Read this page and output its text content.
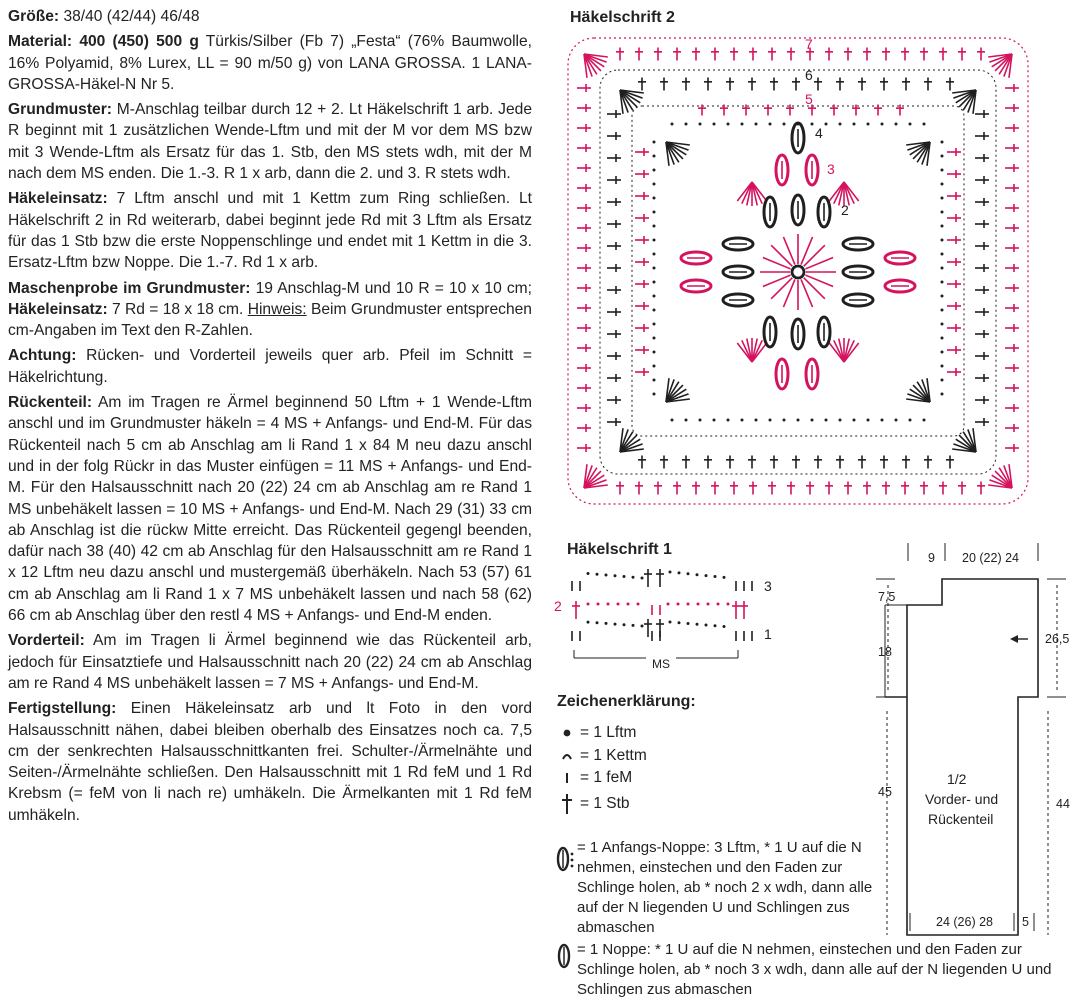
Größe: 38/40 (42/44) 46/48

Material: 400 (450) 500 g Türkis/Silber (Fb 7) „Festa“ (76% Baumwolle, 16% Polyamid, 8% Lurex, LL = 90 m/50 g) von LANA GROSSA. 1 LANA-GROSSA-Häkel-N Nr 5.

Grundmuster: M-Anschlag teilbar durch 12 + 2. Lt Häkelschrift 1 arb. Jede R beginnt mit 1 zusätzlichen Wende-Lftm und mit der M vor dem MS bzw mit 3 Wende-Lftm als Ersatz für das 1. Stb, den MS stets wdh, mit der M nach dem MS enden. Die 1.-3. R 1 x arb, dann die 2. und 3. R stets wdh.

Häkeleinsatz: 7 Lftm anschl und mit 1 Kettm zum Ring schließen. Lt Häkelschrift 2 in Rd weiterarb, dabei beginnt jede Rd mit 3 Lftm als Ersatz für das 1 Stb bzw die erste Noppenschlinge und endet mit 1 Kettm in die 3. Ersatz-Lftm bzw Noppe. Die 1.-7. Rd 1 x arb.

Maschenprobe im Grundmuster: 19 Anschlag-M und 10 R = 10 x 10 cm; Häkeleinsatz: 7 Rd = 18 x 18 cm. Hinweis: Beim Grundmuster entsprechen cm-Angaben im Text den R-Zahlen.

Achtung: Rücken- und Vorderteil jeweils quer arb. Pfeil im Schnitt = Häkelrichtung.

Rückenteil: Am im Tragen re Ärmel beginnend 50 Lftm + 1 Wende-Lftm anschl und im Grundmuster häkeln = 4 MS + Anfangs- und End-M. Für das Rückenteil nach 5 cm ab Anschlag am li Rand 1 x 84 M neu dazu anschl und in der folg Rückr in das Muster einfügen = 11 MS + Anfangs- und End-M. Für den Halsausschnitt nach 20 (22) 24 cm ab Anschlag am re Rand 1 MS unbehäkelt lassen = 10 MS + Anfangs- und End-M. Nach 29 (31) 33 cm ab Anschlag ist die rückw Mitte erreicht. Das Rückenteil gegengl beenden, dafür nach 38 (40) 42 cm ab Anschlag für den Halsausschnitt am re Rand 1 x 12 Lftm neu dazu anschl und mustergemäß überhäkeln. Nach 53 (57) 61 cm ab Anschlag am li Rand 1 x 7 MS unbehäkelt lassen und nach 58 (62) 66 cm ab Anschlag über den restl 4 MS + Anfangs- und End-M enden.

Vorderteil: Am im Tragen li Ärmel beginnend wie das Rückenteil arb, jedoch für Einsatztiefe und Halsausschnitt nach 20 (22) 24 cm ab Anschlag am re Rand 4 MS unbehäkelt lassen = 7 MS + Anfangs- und End-M.

Fertigstellung: Einen Häkeleinsatz arb und lt Foto in den vord Halsausschnitt nähen, dabei bleiben oberhalb des Einsatzes noch ca. 7,5 cm der senkrechten Halsausschnittkanten frei. Schulter-/Ärmelnähte und Seiten-/Ärmelnähte schließen. Den Halsausschnitt mit 1 Rd feM und 1 Rd Krebsm (= feM von li nach re) umhäkeln. Die Ärmelkanten mit 1 Rd feM umhäkeln.

Häkelschrift 2
2
3
4
5
6
7
Häkelschrift 1
1
2
3
MS
Zeichenerklärung:
= 1 Lftm
= 1 Kettm
= 1 feM
= 1 Stb
= 1 Anfangs-Noppe: 3 Lftm, * 1 U auf die N nehmen, einstechen und den Faden zur Schlinge holen, ab * noch 2 x wdh, dann alle auf der N liegenden U und Schlingen zus abmaschen
= 1 Noppe: * 1 U auf die N nehmen, einstechen und den Faden zur Schlinge holen, ab * noch 3 x wdh, dann alle auf der N liegenden U und Schlingen zus abmaschen
9 20 (22) 24
7,5
18
26,5
45
44
1/2
Vorder- und
Rückenteil
24 (26) 28 5
